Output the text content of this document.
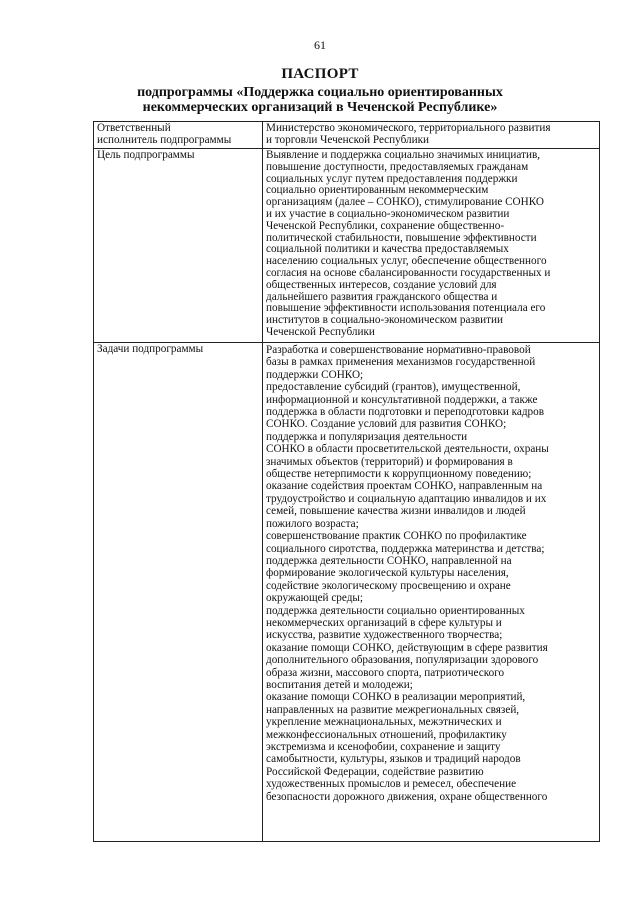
61
ПАСПОРТ
подпрограммы «Поддержка социально ориентированных
некоммерческих организаций в Чеченской Республике»
Ответственный
исполнитель подпрограммы
Министерство экономического, территориального развития
и торговли Чеченской Республики
Цель подпрограммы	Выявление и поддержка социально значимых инициатив,
повышение доступности, предоставляемых гражданам
социальных услуг путем предоставления поддержки
социально ориентированным некоммерческим
организациям (далее – СОНКО), стимулирование СОНКО
и их участие в социально-экономическом развитии
Чеченской Республики, сохранение общественно-
политической стабильности, повышение эффективности
социальной политики и качества предоставляемых
населению социальных услуг, обеспечение общественного
согласия на основе сбалансированности государственных и
общественных интересов, создание условий для
дальнейшего развития гражданского общества и
повышение эффективности использования потенциала его
институтов в социально-экономическом развитии
Чеченской Республики
Задачи подпрограммы	Разработка и совершенствование нормативно-правовой
базы в рамках применения механизмов государственной
поддержки СОНКО;
предоставление субсидий (грантов), имущественной,
информационной и консультативной поддержки, а также
поддержка в области подготовки и переподготовки кадров
СОНКО. Создание условий для развития СОНКО;
поддержка и популяризация деятельности
СОНКО в области просветительской деятельности, охраны
значимых объектов (территорий) и формирования в
обществе нетерпимости к коррупционному поведению;
оказание содействия проектам СОНКО, направленным на
трудоустройство и социальную адаптацию инвалидов и их
семей, повышение качества жизни инвалидов и людей
пожилого возраста;
совершенствование практик СОНКО по профилактике
социального сиротства, поддержка материнства и детства;
поддержка деятельности СОНКО, направленной на
формирование экологической культуры населения,
содействие экологическому просвещению и охране
окружающей среды;
поддержка деятельности социально ориентированных
некоммерческих организаций в сфере культуры и
искусства, развитие художественного творчества;
оказание помощи СОНКО, действующим в сфере развития
дополнительного образования, популяризации здорового
образа жизни, массового спорта, патриотического
воспитания детей и молодежи;
оказание помощи СОНКО в реализации мероприятий,
направленных на развитие межрегиональных связей,
укрепление межнациональных, межэтнических и
межконфессиональных отношений, профилактику
экстремизма и ксенофобии, сохранение и защиту
самобытности, культуры, языков и традиций народов
Российской Федерации, содействие развитию
художественных промыслов и ремесел, обеспечение
безопасности дорожного движения, охране общественного
